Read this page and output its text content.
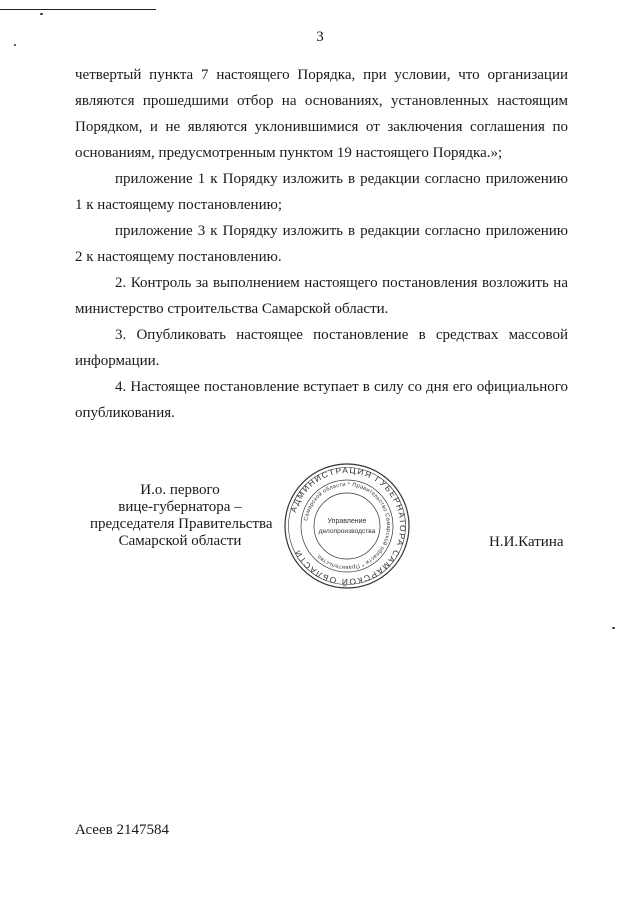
3

четвертый пункта 7 настоящего Порядка, при условии, что организации являются прошедшими отбор на основаниях, установленных настоящим Порядком, и не являются уклонившимися от заключения соглашения по основаниям, предусмотренным пунктом 19 настоящего Порядка.»;

приложение 1 к Порядку изложить в редакции согласно приложению 1 к настоящему постановлению;

приложение 3 к Порядку изложить в редакции согласно приложению 2 к настоящему постановлению.

2. Контроль за выполнением настоящего постановления возложить на министерство строительства Самарской области.

3. Опубликовать настоящее постановление в средствах массовой информации.

4. Настоящее постановление вступает в силу со дня его официального опубликования.

И.о. первого
вице-губернатора –
председателя Правительства
Самарской области
АДМИНИСТРАЦИЯ ГУБЕРНАТОРА САМАРСКОЙ ОБЛАСТИ
Самарской области * Правительство Самарской области * Правительство
Управление
делопроизводства
Н.И.Катина
Асеев 2147584
